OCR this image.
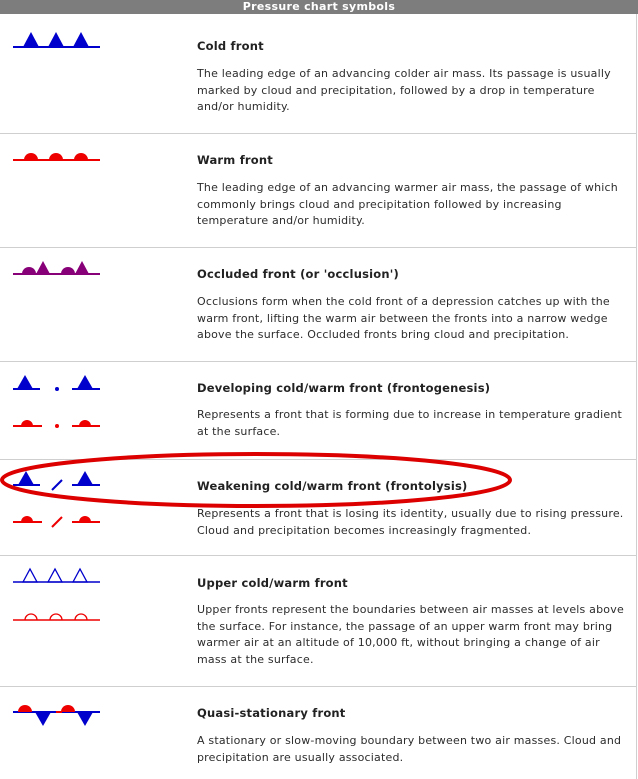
Pressure chart symbols
Cold front
The leading edge of an advancing colder air mass. Its passage is usually marked by cloud and precipitation, followed by a drop in temperature and/or humidity.
Warm front
The leading edge of an advancing warmer air mass, the passage of which commonly brings cloud and precipitation followed by increasing temperature and/or humidity.
Occluded front (or 'occlusion')
Occlusions form when the cold front of a depression catches up with the warm front, lifting the warm air between the fronts into a narrow wedge above the surface. Occluded fronts bring cloud and precipitation.
Developing cold/warm front (frontogenesis)
Represents a front that is forming due to increase in temperature gradient at the surface.
Weakening cold/warm front (frontolysis)
Represents a front that is losing its identity, usually due to rising pressure. Cloud and precipitation becomes increasingly fragmented.
Upper cold/warm front
Upper fronts represent the boundaries between air masses at levels above the surface. For instance, the passage of an upper warm front may bring warmer air at an altitude of 10,000 ft, without bringing a change of air mass at the surface.
Quasi-stationary front
A stationary or slow-moving boundary between two air masses. Cloud and precipitation are usually associated.
